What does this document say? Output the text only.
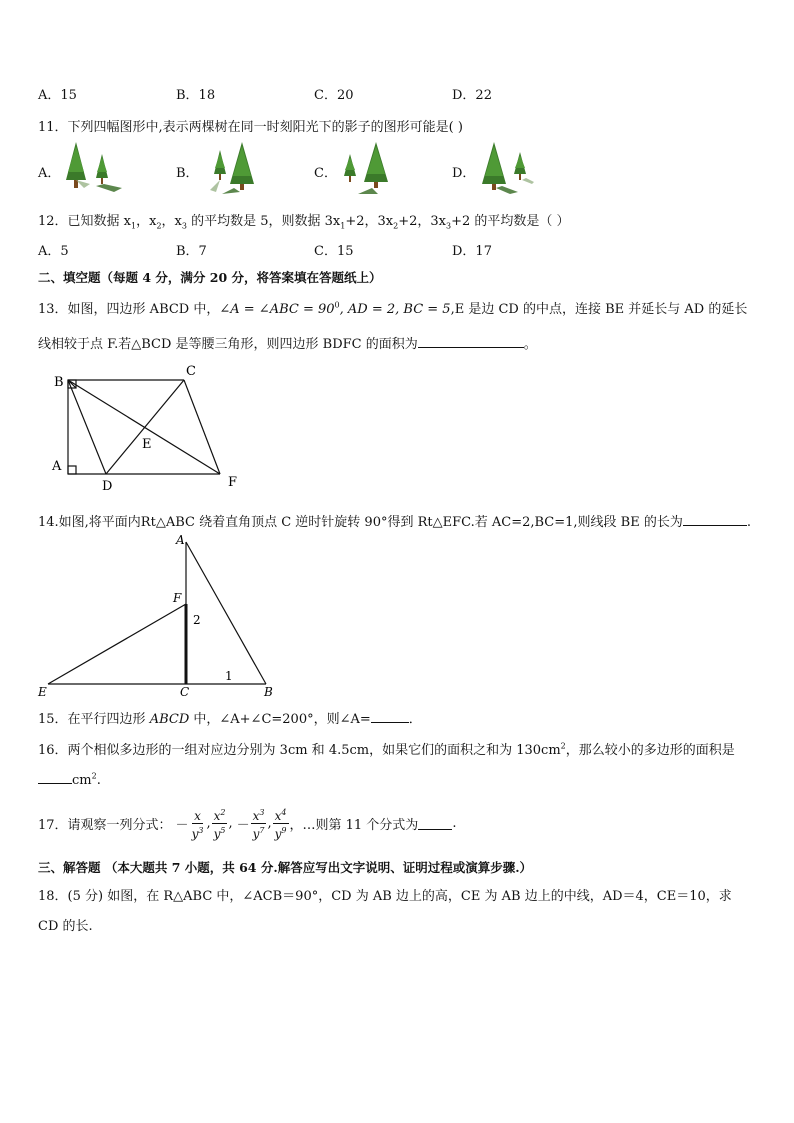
A．15	B．18	C．20	D．22
11．下列四幅图形中,表示两棵树在同一时刻阳光下的影子的图形可能是( )
A．	B．	C．	D．
12．已知数据 $x_1$，$x_2$，$x_3$ 的平均数是 5，则数据 $3x_1+2$，$3x_2+2$，$3x_3+2$ 的平均数是（ ）
A．5	B．7	C．15	D．17
二、填空题（每题 4 分，满分 20 分，将答案填在答题纸上）
13．如图，四边形 ABCD 中，∠A = ∠ABC = $90^0$, AD = 2, BC = 5,E 是边 CD 的中点，连接 BE 并延长与 AD 的延长
线相较于点 F.若△BCD 是等腰三角形，则四边形 BDFC 的面积为	。
B
C
E
A
D	F
14.如图,将平面内Rt△ABC 绕着直角顶点 C 逆时针旋转 90°得到 Rt△EFC.若 AC=2,BC=1,则线段 BE 的长为	.
A
F
2
E	C
1
B
15．在平行四边形 ABCD 中，∠A+∠C=200°，则∠A=	．
16．两个相似多边形的一组对应边分别为 3cm 和 4.5cm，如果它们的面积之和为 $130cm^2$，那么较小的多边形的面积是
$cm^2$.
17．请观察一列分式： － $\frac{x}{y^3}$ , $\frac{x^2}{y^5}$ , － $\frac{x^3}{y^7}$ , $\frac{x^4}{y^9}$ ，…则第 11 个分式为	.
三、解答题 （本大题共 7 小题，共 64 分.解答应写出文字说明、证明过程或演算步骤.）
18．(5 分) 如图，在 R△ABC 中，∠ACB＝90°，CD 为 AB 边上的高，CE 为 AB 边上的中线，AD＝4，CE＝10，求
CD 的长.
